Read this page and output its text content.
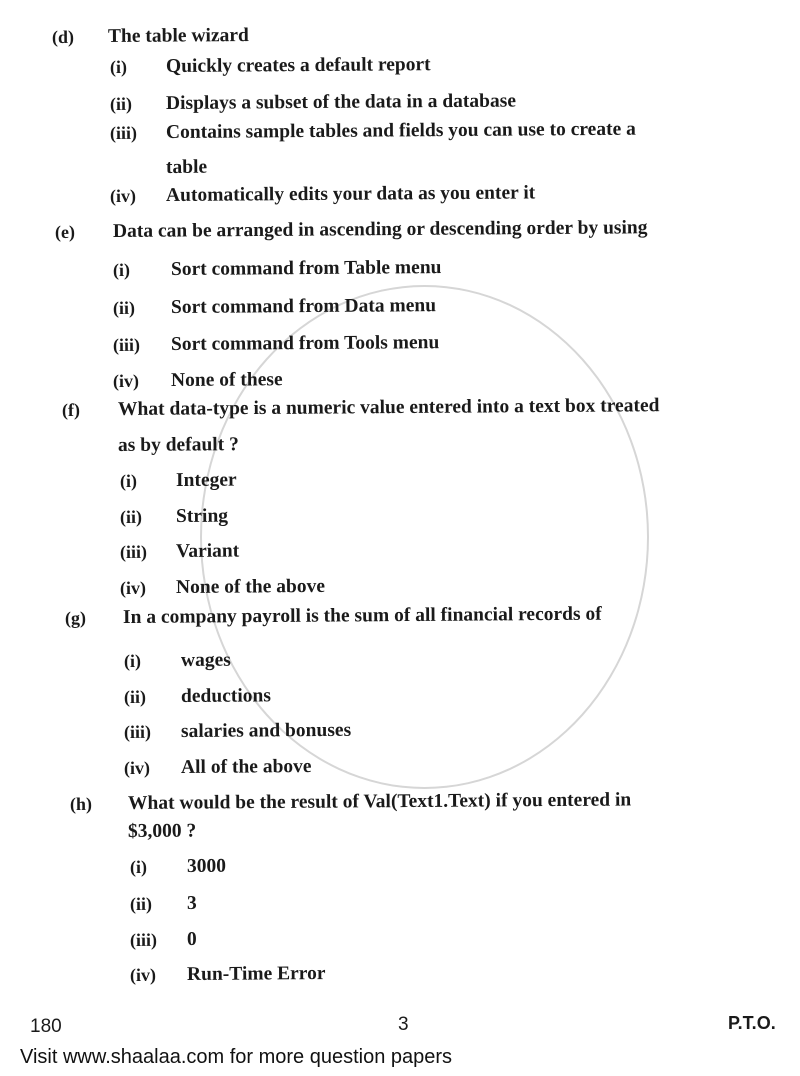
(d) The table wizard
(i) Quickly creates a default report
(ii) Displays a subset of the data in a database
(iii) Contains sample tables and fields you can use to create a
table
(iv) Automatically edits your data as you enter it
(e) Data can be arranged in ascending or descending order by using
(i) Sort command from Table menu
(ii) Sort command from Data menu
(iii) Sort command from Tools menu
(iv) None of these
(f) What data-type is a numeric value entered into a text box treated
as by default ?
(i) Integer
(ii) String
(iii) Variant
(iv) None of the above
(g) In a company payroll is the sum of all financial records of
(i) wages
(ii) deductions
(iii) salaries and bonuses
(iv) All of the above
(h) What would be the result of Val(Text1.Text) if you entered in
$3,000 ?
(i) 3000
(ii) 3
(iii) 0
(iv) Run-Time Error
180	3	P.T.O.
Visit www.shaalaa.com for more question papers
